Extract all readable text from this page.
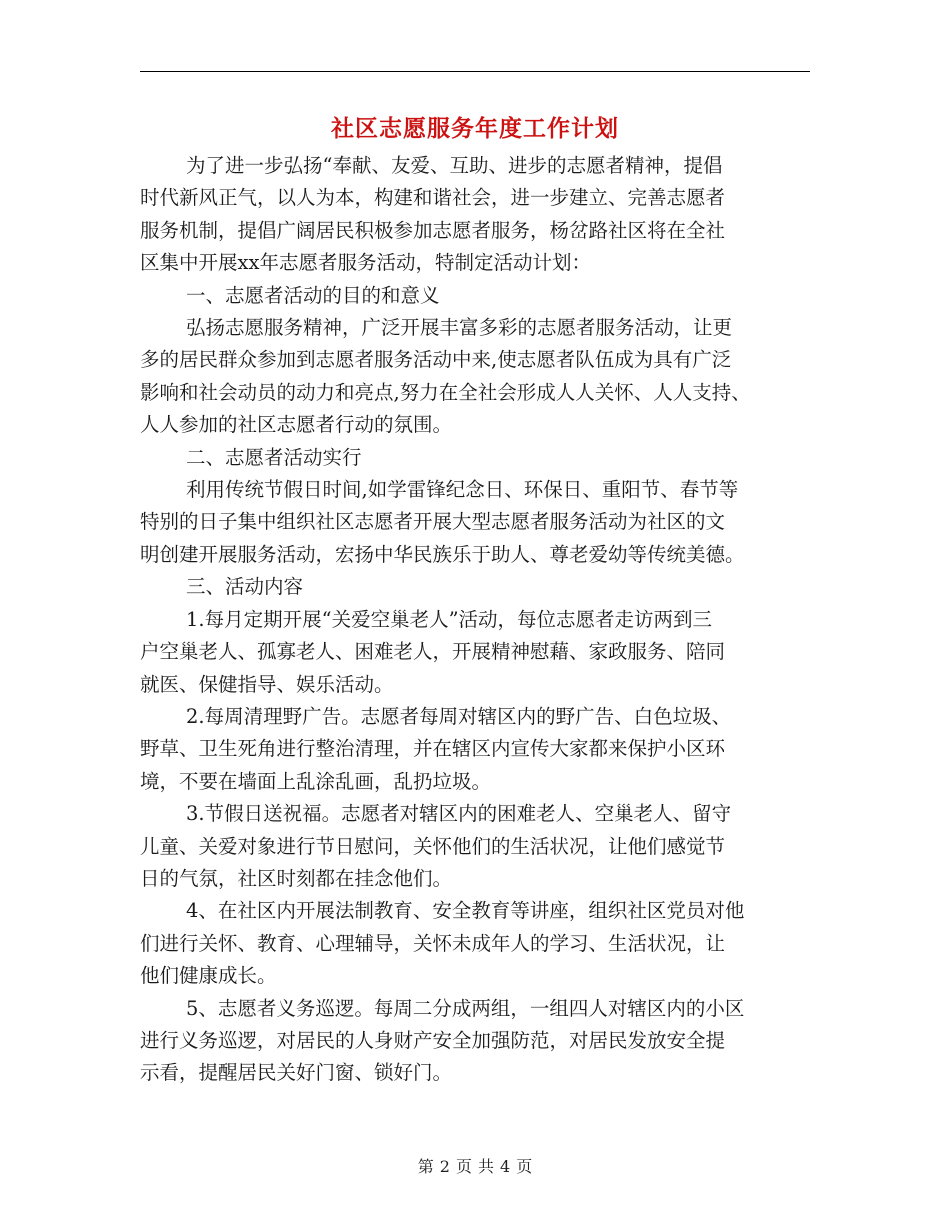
社区志愿服务年度工作计划
为了进一步弘扬“奉献、友爱、互助、进步的志愿者精神，提倡
时代新风正气，以人为本，构建和谐社会，进一步建立、完善志愿者
服务机制，提倡广阔居民积极参加志愿者服务，杨岔路社区将在全社
区集中开展xx年志愿者服务活动，特制定活动计划：
一、志愿者活动的目的和意义
弘扬志愿服务精神，广泛开展丰富多彩的志愿者服务活动，让更
多的居民群众参加到志愿者服务活动中来,使志愿者队伍成为具有广泛
影响和社会动员的动力和亮点,努力在全社会形成人人关怀、人人支持、
人人参加的社区志愿者行动的氛围。
二、志愿者活动实行
利用传统节假日时间,如学雷锋纪念日、环保日、重阳节、春节等
特别的日子集中组织社区志愿者开展大型志愿者服务活动为社区的文
明创建开展服务活动，宏扬中华民族乐于助人、尊老爱幼等传统美德。
三、活动内容
1.每月定期开展“关爱空巢老人”活动，每位志愿者走访两到三
户空巢老人、孤寡老人、困难老人，开展精神慰藉、家政服务、陪同
就医、保健指导、娱乐活动。
2.每周清理野广告。志愿者每周对辖区内的野广告、白色垃圾、
野草、卫生死角进行整治清理，并在辖区内宣传大家都来保护小区环
境，不要在墙面上乱涂乱画，乱扔垃圾。
3.节假日送祝福。志愿者对辖区内的困难老人、空巢老人、留守
儿童、关爱对象进行节日慰问，关怀他们的生活状况，让他们感觉节
日的气氛，社区时刻都在挂念他们。
4、在社区内开展法制教育、安全教育等讲座，组织社区党员对他
们进行关怀、教育、心理辅导，关怀未成年人的学习、生活状况，让
他们健康成长。
5、志愿者义务巡逻。每周二分成两组，一组四人对辖区内的小区
进行义务巡逻，对居民的人身财产安全加强防范，对居民发放安全提
示看，提醒居民关好门窗、锁好门。
第 2 页 共 4 页
